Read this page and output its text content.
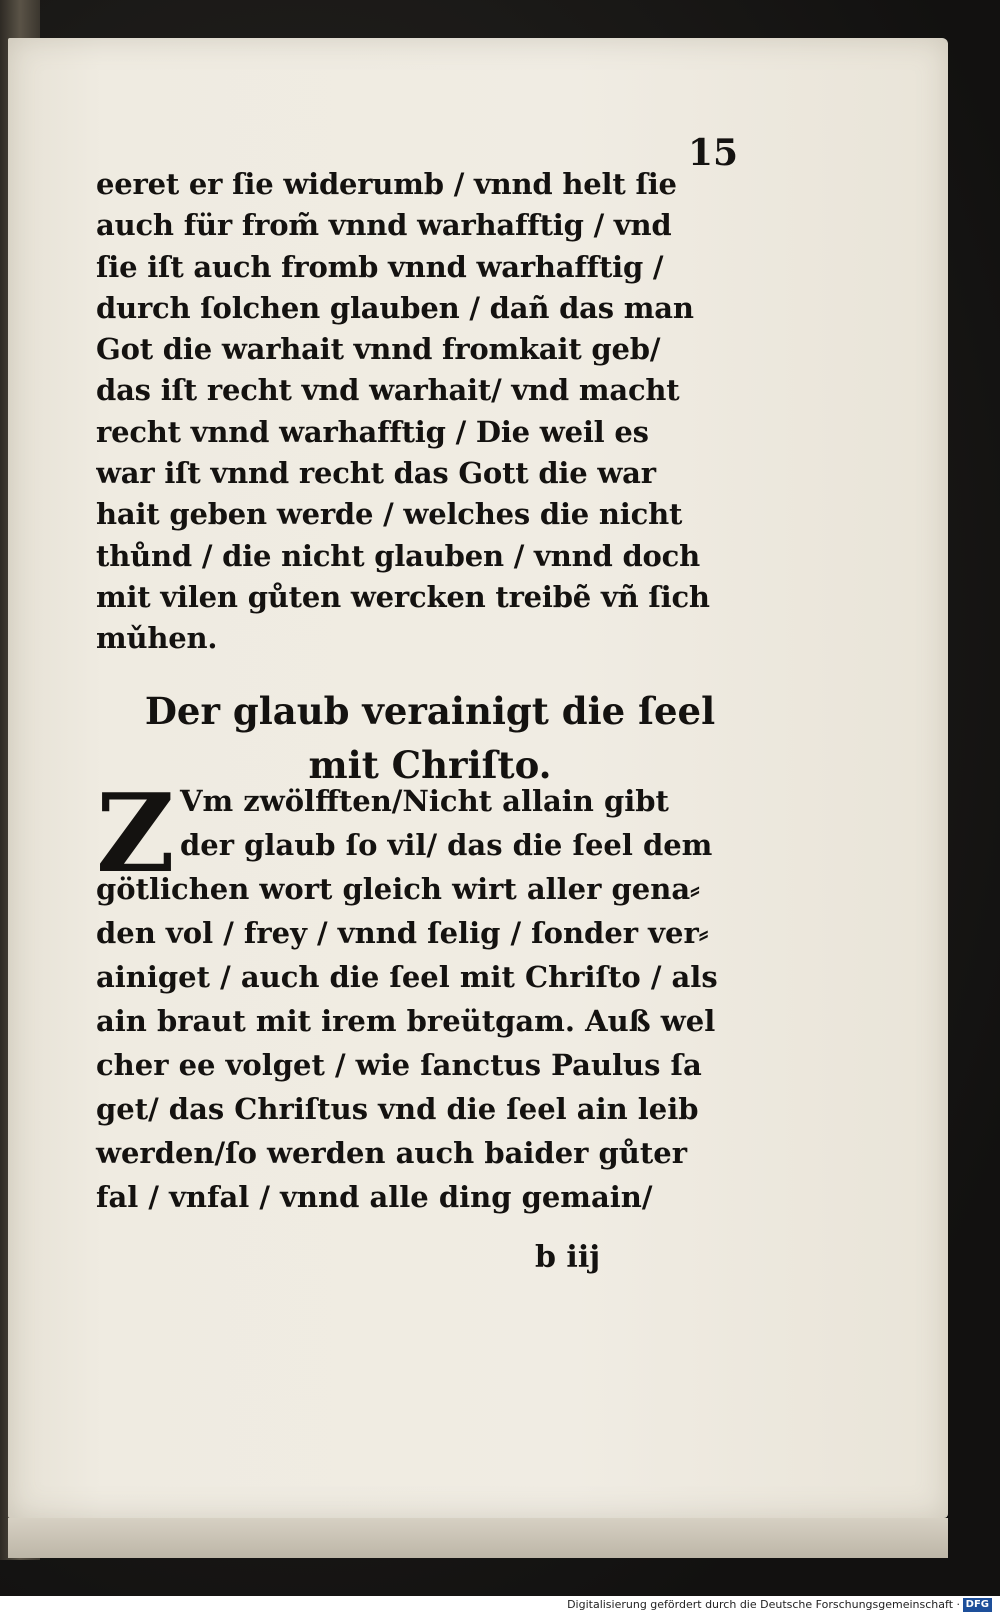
15
eeret er ſie widerumb / vnnd helt ſie
auch für from̃ vnnd warhafftig / vnd
ſie iſt auch fromb vnnd warhafftig /
durch ſolchen glauben / dañ das man
Got die warhait vnnd fromkait geb/
das iſt recht vnd warhait/ vnd macht
recht vnnd warhafftig / Die weil es
war iſt vnnd recht das Gott die war
hait geben werde / welches die nicht
thůnd / die nicht glauben / vnnd doch
mit vilen gůten wercken treibẽ vñ ſich
mǔhen.
Der glaub verainigt die ſeel
mit Chriſto.
Z Vm zwölfften/Nicht allain gibt
der glaub ſo vil/ das die ſeel dem
götlichen wort gleich wirt aller gena⸗
den vol / frey / vnnd ſelig / ſonder ver⸗
ainiget / auch die ſeel mit Chriſto / als
ain braut mit irem breütgam. Auß wel
cher ee volget / wie ſanctus Paulus ſa
get/ das Chriſtus vnd die ſeel ain leib
werden/ſo werden auch baider gůter
fal / vnfal / vnnd alle ding gemain/
b iij
Digitalisierung gefördert durch die Deutsche Forschungsgemeinschaft · DFG
